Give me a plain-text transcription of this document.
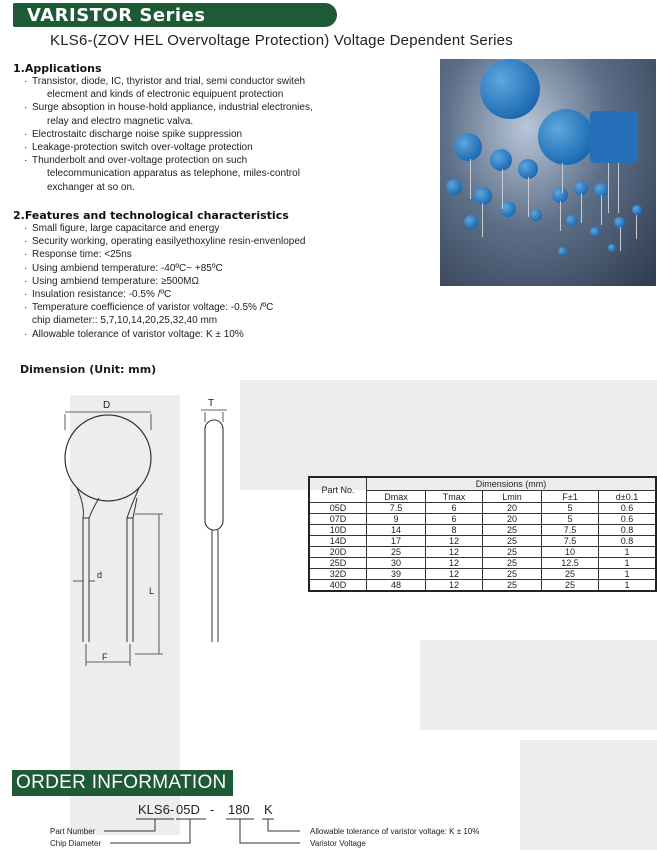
VARISTOR Series
KLS6-(ZOV HEL Overvoltage Protection) Voltage Dependent Series
1.Applications
· Transistor, diode, IC, thyristor and trial, semi conductor switeh
elecment and kinds of electronic equipuent protection
· Surge absoption in house-hold appliance, industrial electronies,
relay and electro magnetic valva.
· Electrostaitc discharge noise spike suppression
· Leakage-protection switch over-voltage protection
· Thunderbolt and over-voltage protection on such
telecommunication apparatus as telephone, miles-control
exchanger at so on.
2.Features and technological characteristics
· Small figure, large capacitarce and energy
· Security working, operating easilyethoxyline resin-envenloped
· Response time: <25ns
· Using ambiend temperature: -40ºC~ +85ºC
· Using ambiend temperature: ≥500MΩ
· Insulation resistance: -0.5% /ºC
· Temperature coefficience of varistor voltage: -0.5% /ºC
chip diameter:: 5,7,10,14,20,25,32,40 mm
· Allowable tolerance of varistor voltage: K ± 10%
Dimension (Unit: mm)
D
d
L
F
T
Part No.	Dimensions (mm)				
	Dmax	Tmax	Lmin	F±1	d±0.1
05D	7.5	6	20	5	0.6
07D	9	6	20	5	0.6
10D	14	8	25	7.5	0.8
14D	17	12	25	7.5	0.8
20D	25	12	25	10	1
25D	30	12	25	12.5	1
32D	39	12	25	25	1
40D	48	12	25	25	1
ORDER INFORMATION
KLS6- 05D - 180 K
Part Number
Chip Diameter
Allowable tolerance of varistor voltage: K ± 10%
Varistor Voltage
